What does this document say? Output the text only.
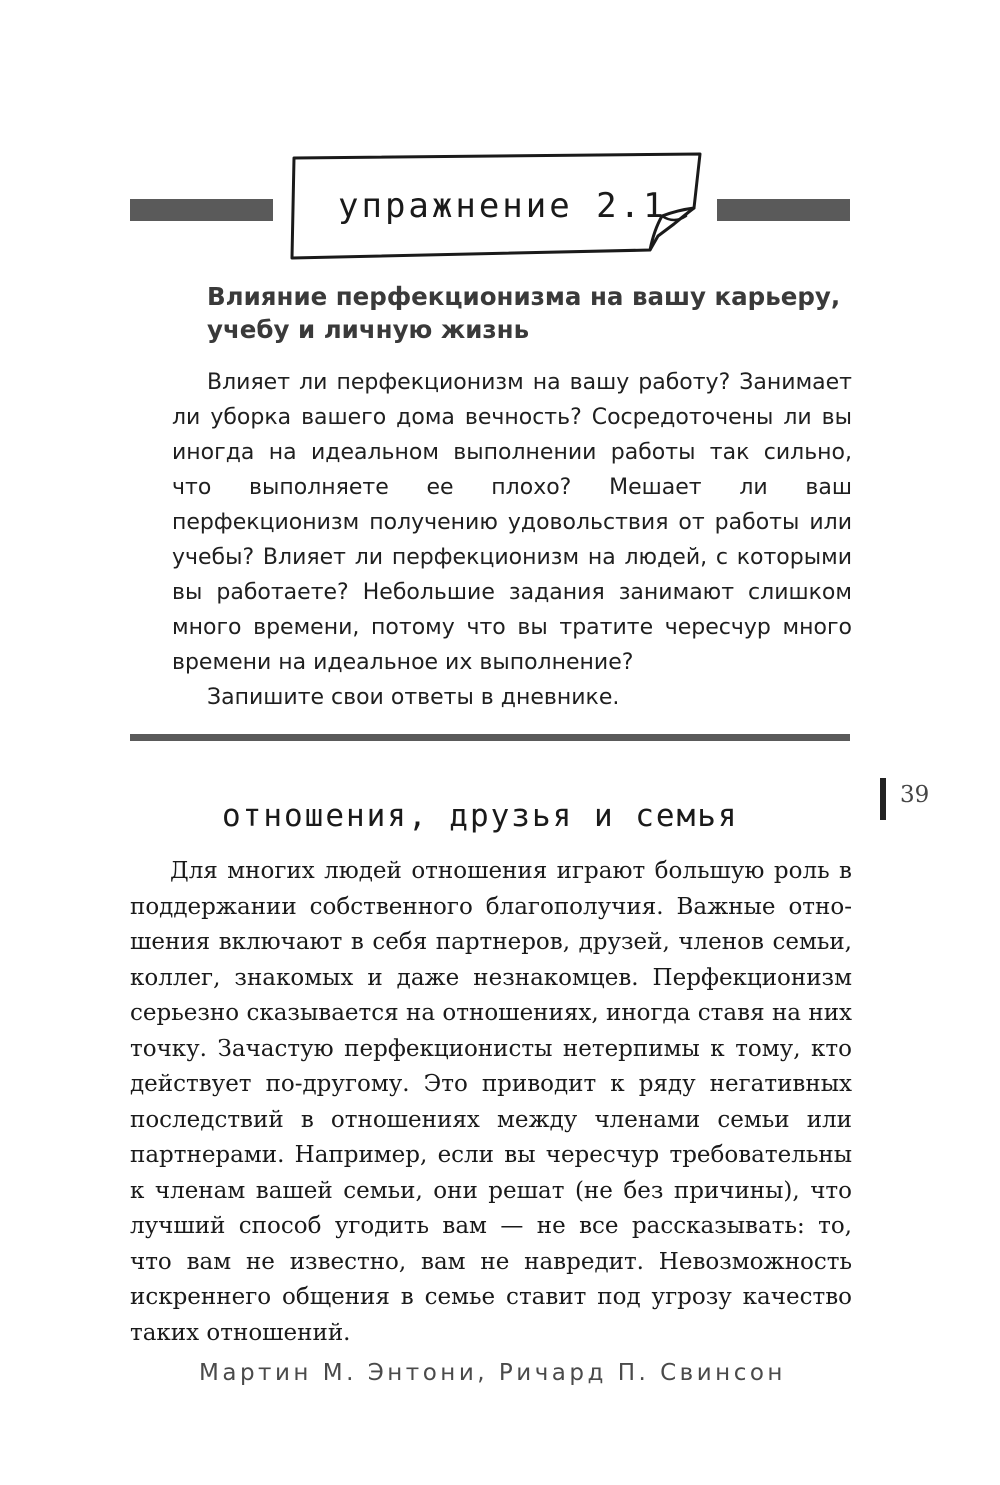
упражнение 2.1
Влияние перфекционизма на вашу карьеру, учебу и личную жизнь

Влияет ли перфекционизм на вашу работу? Занимает ли уборка вашего дома вечность? Сосредоточены ли вы иногда на идеальном выполнении работы так сильно, что выполняете ее плохо? Мешает ли ваш перфекционизм получению удовольствия от работы или учебы? Влияет ли перфекционизм на людей, с которыми вы работаете? Небольшие задания занимают слишком много времени, потому что вы тратите чересчур много времени на идеальное их выполнение?

Запишите свои ответы в дневнике.

39
отношения, друзья и семья

Для многих людей отношения играют большую роль в поддержании собственного благополучия. Важные отношения включают в себя партнеров, друзей, членов семьи, коллег, знакомых и даже незнакомцев. Перфекционизм серьезно сказывается на отношениях, иногда ставя на них точку. Зачастую перфекционисты нетерпимы к тому, кто действует по-другому. Это приводит к ряду негативных последствий в отношениях между членами семьи или партнерами. Например, если вы чересчур требовательны к членам вашей семьи, они решат (не без причины), что лучший способ угодить вам — не все рассказывать: то, что вам не известно, вам не навредит. Невозможность искреннего общения в семье ставит под угрозу качество таких отношений.

Мартин М. Энтони, Ричард П. Свинсон
